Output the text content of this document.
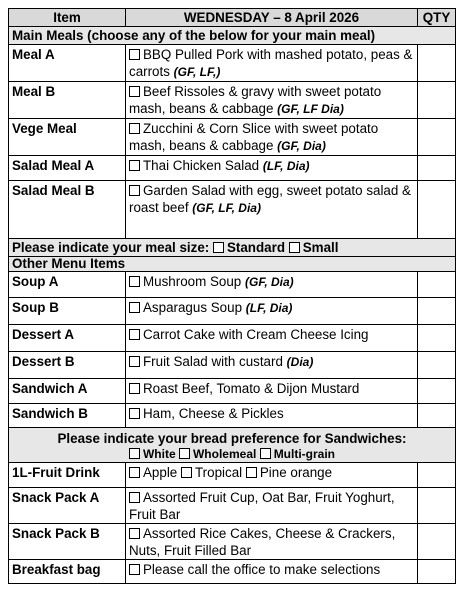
Item	WEDNESDAY – 8 April 2026	QTY
Main Meals (choose any of the below for your main meal)		
Meal A	BBQ Pulled Pork with mashed potato, peas & carrots (GF, LF,)	
Meal B	Beef Rissoles & gravy with sweet potato mash, beans & cabbage (GF, LF Dia)	
Vege Meal	Zucchini & Corn Slice with sweet potato mash, beans & cabbage (GF, Dia)	
Salad Meal A	Thai Chicken Salad (LF, Dia)	
Salad Meal B	Garden Salad with egg, sweet potato salad & roast beef (GF, LF, Dia)	
Please indicate your meal size: Standard Small		
Other Menu Items		
Soup A	Mushroom Soup (GF, Dia)	
Soup B	Asparagus Soup (LF, Dia)	
Dessert A	Carrot Cake with Cream Cheese Icing	
Dessert B	Fruit Salad with custard (Dia)	
Sandwich A	Roast Beef, Tomato & Dijon Mustard	
Sandwich B	Ham, Cheese & Pickles	

Please indicate your bread preference for Sandwiches:
White Wholemeal Multi-grain		

1L-Fruit Drink	Apple Tropical Pine orange	
Snack Pack A	Assorted Fruit Cup, Oat Bar, Fruit Yoghurt, Fruit Bar	
Snack Pack B	Assorted Rice Cakes, Cheese & Crackers, Nuts, Fruit Filled Bar	
Breakfast bag	Please call the office to make selections	
